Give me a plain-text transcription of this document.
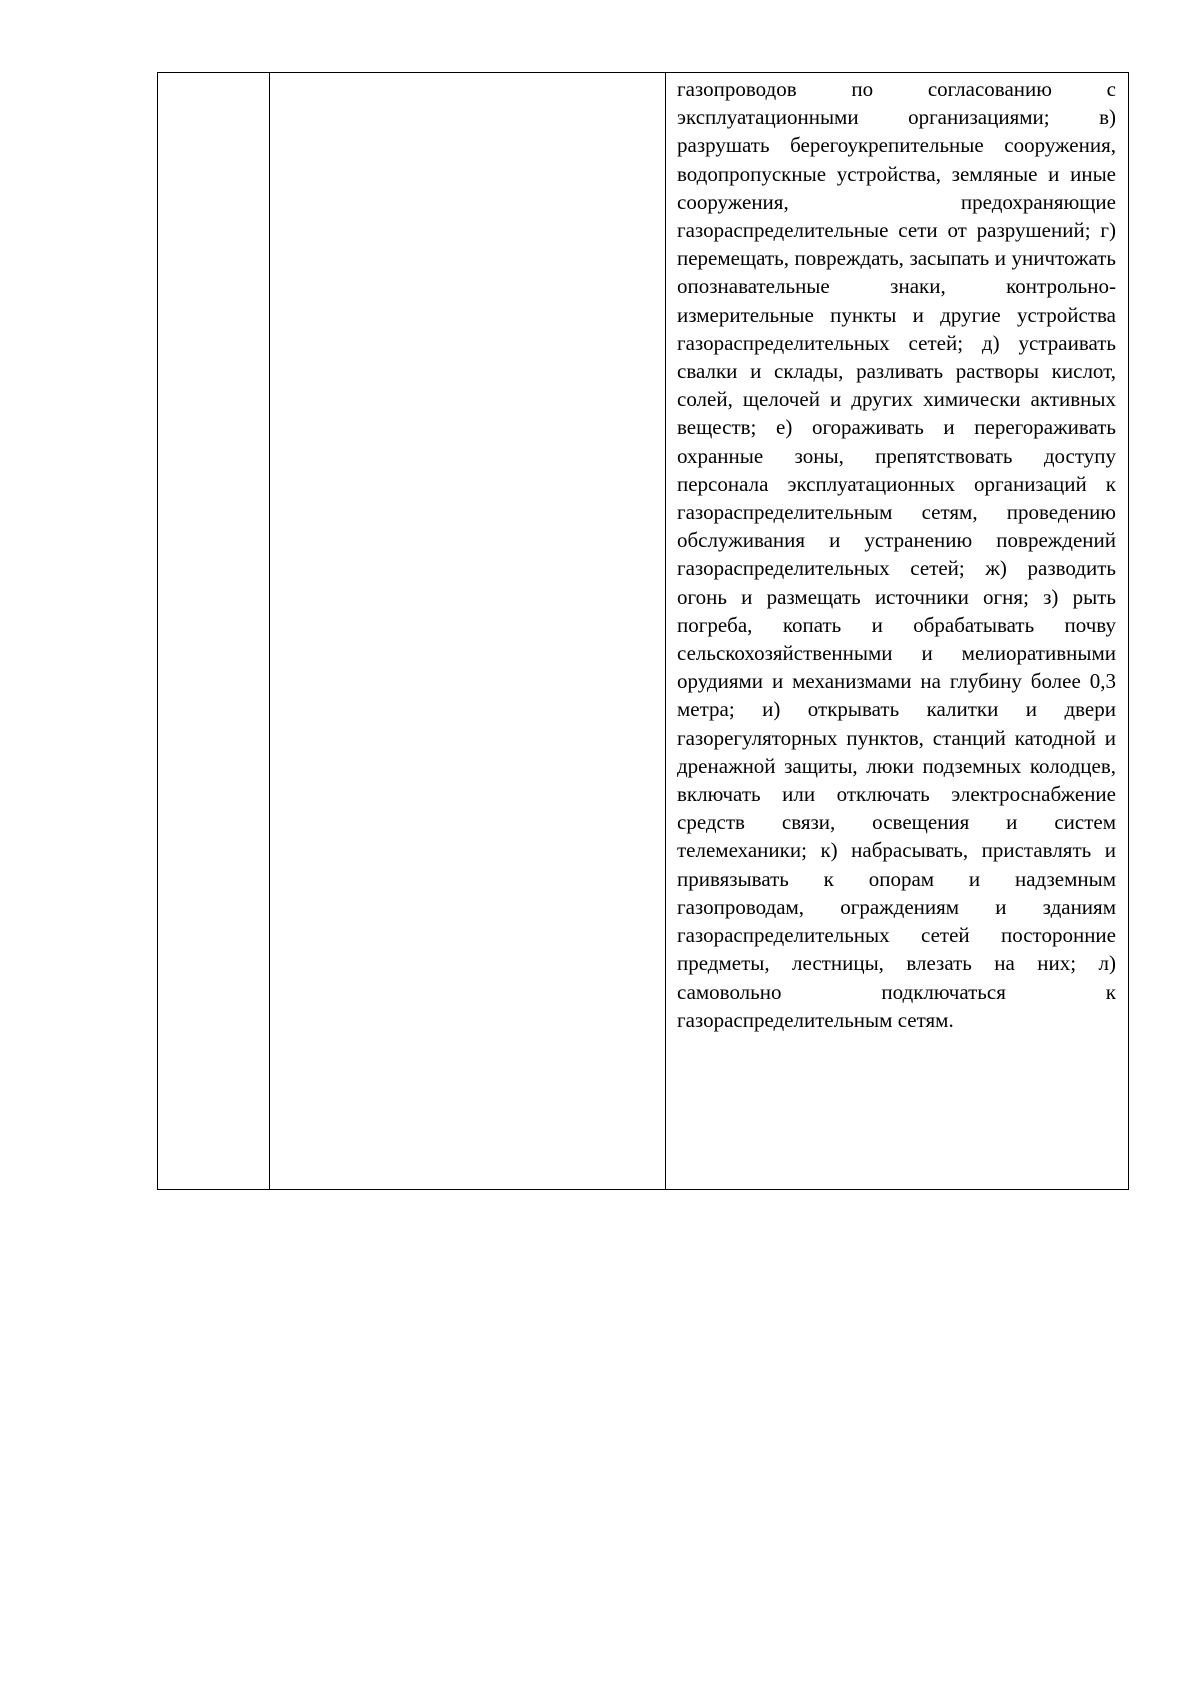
газопроводов по согласованию с эксплуатационными организациями; в) разрушать берегоукрепительные сооружения, водопропускные устройства, земляные и иные сооружения, предохраняющие газораспределительные сети от разрушений; г) перемещать, повреждать, засыпать и уничтожать опознавательные знаки, контрольно-измерительные пункты и другие устройства газораспределительных сетей; д) устраивать свалки и склады, разливать растворы кислот, солей, щелочей и других химически активных веществ; е) огораживать и перегораживать охранные зоны, препятствовать доступу персонала эксплуатационных организаций к газораспределительным сетям, проведению обслуживания и устранению повреждений газораспределительных сетей; ж) разводить огонь и размещать источники огня; з) рыть погреба, копать и обрабатывать почву сельскохозяйственными и мелиоративными орудиями и механизмами на глубину более 0,3 метра; и) открывать калитки и двери газорегуляторных пунктов, станций катодной и дренажной защиты, люки подземных колодцев, включать или отключать электроснабжение средств связи, освещения и систем телемеханики; к) набрасывать, приставлять и привязывать к опорам и надземным газопроводам, ограждениям и зданиям газораспределительных сетей посторонние предметы, лестницы, влезать на них; л) самовольно подключаться к газораспределительным сетям.
